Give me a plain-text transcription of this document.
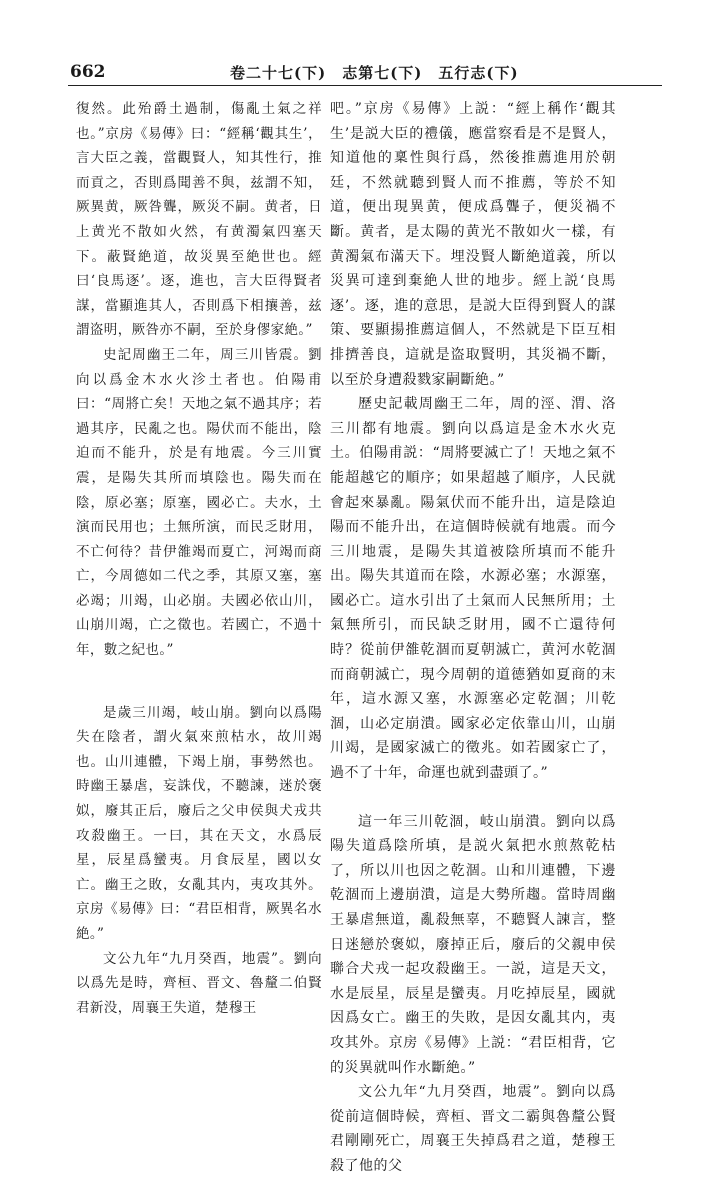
662	卷二十七(下)　志第七(下)　五行志(下)

復然。此殆爵土過制，傷亂土氣之祥也。”京房《易傳》曰：“經稱‘觀其生’，言大臣之義，當觀賢人，知其性行，推而貢之，否則爲聞善不與，兹謂不知，厥異黄，厥咎聾，厥災不嗣。黄者，日上黄光不散如火然，有黄濁氣四塞天下。蔽賢絶道，故災異至絶世也。經曰‘良馬逐’。逐，進也，言大臣得賢者謀，當顯進其人，否則爲下相攘善，兹謂盗明，厥咎亦不嗣，至於身僇家絶。”

史記周幽王二年，周三川皆震。劉向以爲金木水火沴土者也。伯陽甫曰：“周將亡矣！天地之氣不過其序；若過其序，民亂之也。陽伏而不能出，陰迫而不能升，於是有地震。今三川實震，是陽失其所而填陰也。陽失而在陰，原必塞；原塞，國必亡。夫水，土演而民用也；土無所演，而民乏財用，不亡何待？昔伊雒竭而夏亡，河竭而商亡，今周德如二代之季，其原又塞，塞必竭；川竭，山必崩。夫國必依山川，山崩川竭，亡之徵也。若國亡，不過十年，數之紀也。”

是歲三川竭，岐山崩。劉向以爲陽失在陰者，謂火氣來煎枯水，故川竭也。山川連體，下竭上崩，事勢然也。時幽王暴虐，妄誅伐，不聽諫，迷於褒姒，廢其正后，廢后之父申侯與犬戎共攻殺幽王。一曰，其在天文，水爲辰星，辰星爲蠻夷。月食辰星，國以女亡。幽王之敗，女亂其内，夷攻其外。京房《易傳》曰：“君臣相背，厥異名水絶。”

文公九年“九月癸酉，地震”。劉向以爲先是時，齊桓、晋文、魯釐二伯賢君新没，周襄王失道，楚穆王

吧。”京房《易傳》上説：“經上稱作‘觀其生’是説大臣的禮儀，應當察看是不是賢人，知道他的稟性與行爲，然後推薦進用於朝廷，不然就聽到賢人而不推薦，等於不知道，便出現異黄，便成爲聾子，便災禍不斷。黄者，是太陽的黄光不散如火一樣，有黄濁氣布滿天下。埋没賢人斷絶道義，所以災異可達到棄絶人世的地步。經上説‘良馬逐’。逐，進的意思，是説大臣得到賢人的謀策、要顯揚推薦這個人，不然就是下臣互相排擠善良，這就是盗取賢明，其災禍不斷，以至於身遭殺戮家嗣斷絶。”

歷史記載周幽王二年，周的涇、渭、洛三川都有地震。劉向以爲這是金木水火克土。伯陽甫説：“周將要滅亡了！天地之氣不能超越它的順序；如果超越了順序，人民就會起來暴亂。陽氣伏而不能升出，這是陰迫陽而不能升出，在這個時候就有地震。而今三川地震，是陽失其道被陰所填而不能升出。陽失其道而在陰，水源必塞；水源塞，國必亡。這水引出了土氣而人民無所用；土氣無所引，而民缺乏財用，國不亡還待何時？從前伊雒乾涸而夏朝滅亡，黄河水乾涸而商朝滅亡，現今周朝的道德猶如夏商的末年，這水源又塞，水源塞必定乾涸；川乾涸，山必定崩潰。國家必定依靠山川，山崩川竭，是國家滅亡的徵兆。如若國家亡了，過不了十年，命運也就到盡頭了。”

這一年三川乾涸，岐山崩潰。劉向以爲陽失道爲陰所填，是説火氣把水煎熬乾枯了，所以川也因之乾涸。山和川連體，下邊乾涸而上邊崩潰，這是大勢所趨。當時周幽王暴虐無道，亂殺無辜，不聽賢人諫言，整日迷戀於褒姒，廢掉正后，廢后的父親申侯聯合犬戎一起攻殺幽王。一説，這是天文，水是辰星，辰星是蠻夷。月吃掉辰星，國就因爲女亡。幽王的失敗，是因女亂其内，夷攻其外。京房《易傳》上説：“君臣相背，它的災異就叫作水斷絶。”

文公九年“九月癸酉，地震”。劉向以爲從前這個時候，齊桓、晋文二霸與魯釐公賢君剛剛死亡，周襄王失掉爲君之道，楚穆王殺了他的父
